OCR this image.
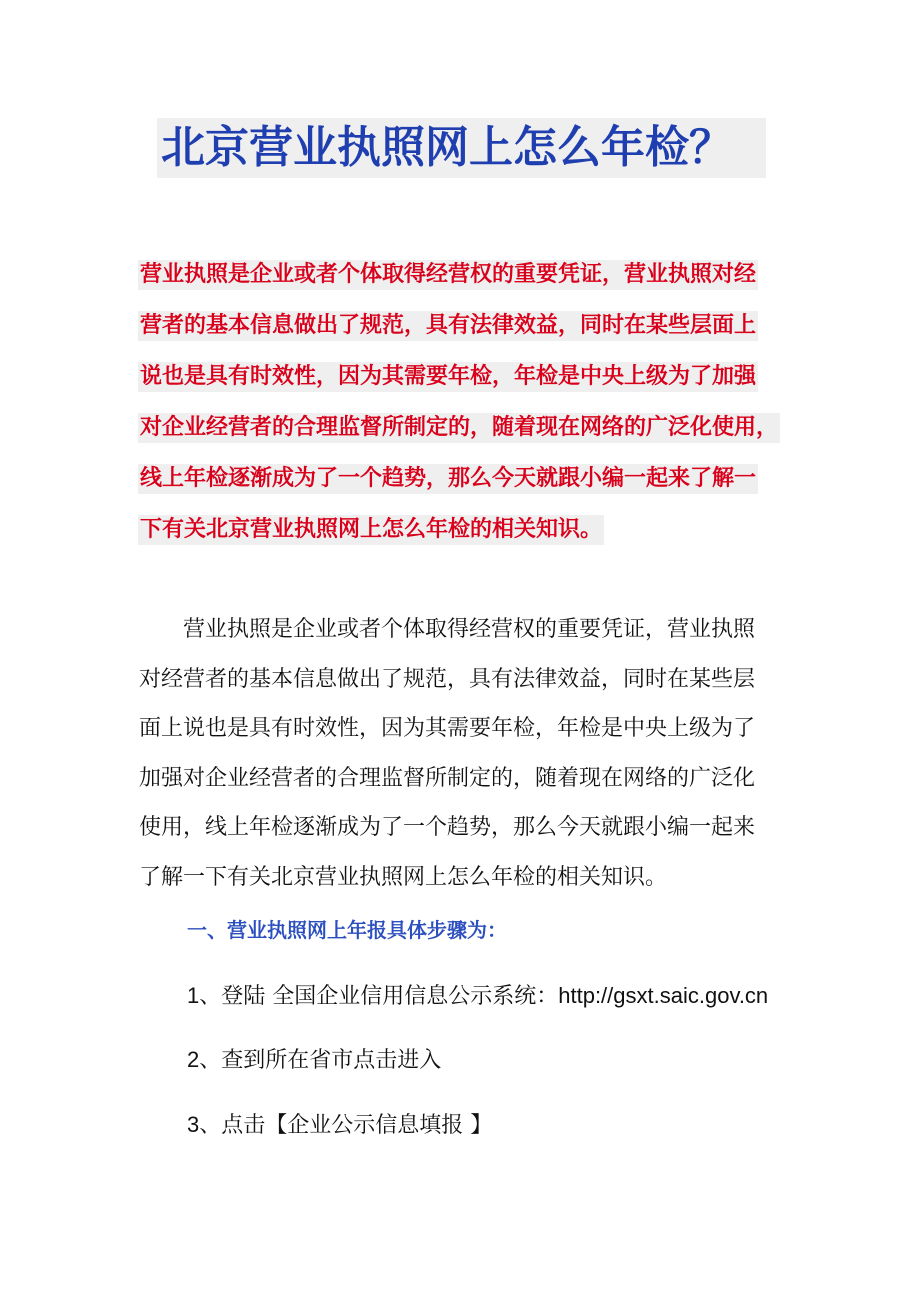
北京营业执照网上怎么年检？
营业执照是企业或者个体取得经营权的重要凭证，营业执照对经
营者的基本信息做出了规范，具有法律效益，同时在某些层面上
说也是具有时效性，因为其需要年检，年检是中央上级为了加强
对企业经营者的合理监督所制定的，随着现在网络的广泛化使用，
线上年检逐渐成为了一个趋势，那么今天就跟小编一起来了解一
下有关北京营业执照网上怎么年检的相关知识。
　　营业执照是企业或者个体取得经营权的重要凭证，营业执照
对经营者的基本信息做出了规范，具有法律效益，同时在某些层
面上说也是具有时效性，因为其需要年检，年检是中央上级为了
加强对企业经营者的合理监督所制定的，随着现在网络的广泛化
使用，线上年检逐渐成为了一个趋势，那么今天就跟小编一起来
了解一下有关北京营业执照网上怎么年检的相关知识。
一、营业执照网上年报具体步骤为：
1、登陆 全国企业信用信息公示系统：http://gsxt.saic.gov.cn
2、查到所在省市点击进入
3、点击【企业公示信息填报 】
